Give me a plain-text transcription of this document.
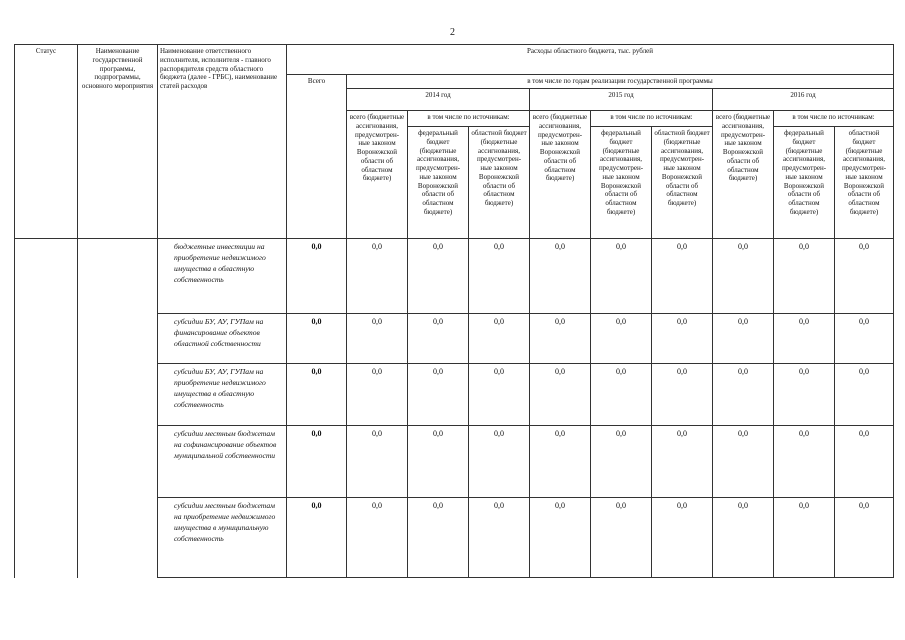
2
Статус	Наименование государственной программы, подпрограммы, основного мероприятия	Наименование ответственного исполнителя, исполнителя - главного распорядителя средств областного бюджета (далее - ГРБС), наименование статей расходов	Расходы областного бюджета, тыс. рублей									
			Всего	в том числе по годам реализации государственной программы								
				2014 год			2015 год			2016 год		
				всего (бюджетные ассигнования, предусмотрен- ные законом Воронежской области об областном бюджете)	в том числе по источникам:		всего (бюджетные ассигнования, предусмотрен- ные законом Воронежской области об областном бюджете)	в том числе по источникам:		всего (бюджетные ассигнования, предусмотрен- ные законом Воронежской области об областном бюджете)	в том числе по источникам:	
					федеральный бюджет (бюджетные ассигнования, предусмотрен- ные законом Воронежской области об областном бюджете)	областной бюджет (бюджетные ассигнования, предусмотрен- ные законом Воронежской области об областном бюджете)		федеральный бюджет (бюджетные ассигнования, предусмотрен- ные законом Воронежской области об областном бюджете)	областной бюджет (бюджетные ассигнования, предусмотрен- ные законом Воронежской области об областном бюджете)		федеральный бюджет (бюджетные ассигнования, предусмотрен- ные законом Воронежской области об областном бюджете)	областной бюджет (бюджетные ассигнования, предусмотрен- ные законом Воронежской области об областном бюджете)
		бюджетные инвестиции на приобретение недвижимого имущества в областную собственность	0,0	0,0	0,0	0,0	0,0	0,0	0,0	0,0	0,0	0,0
		субсидии БУ, АУ, ГУПам на финансирование объектов областной собственности	0,0	0,0	0,0	0,0	0,0	0,0	0,0	0,0	0,0	0,0
		субсидии БУ, АУ, ГУПам на приобретение недвижимого имущества в областную собственность	0,0	0,0	0,0	0,0	0,0	0,0	0,0	0,0	0,0	0,0
		субсидии местным бюджетам на софинансирование объектов муниципальной собственности	0,0	0,0	0,0	0,0	0,0	0,0	0,0	0,0	0,0	0,0
		субсидии местным бюджетам на приобретение недвижимого имущества в муниципальную собственность	0,0	0,0	0,0	0,0	0,0	0,0	0,0	0,0	0,0	0,0
